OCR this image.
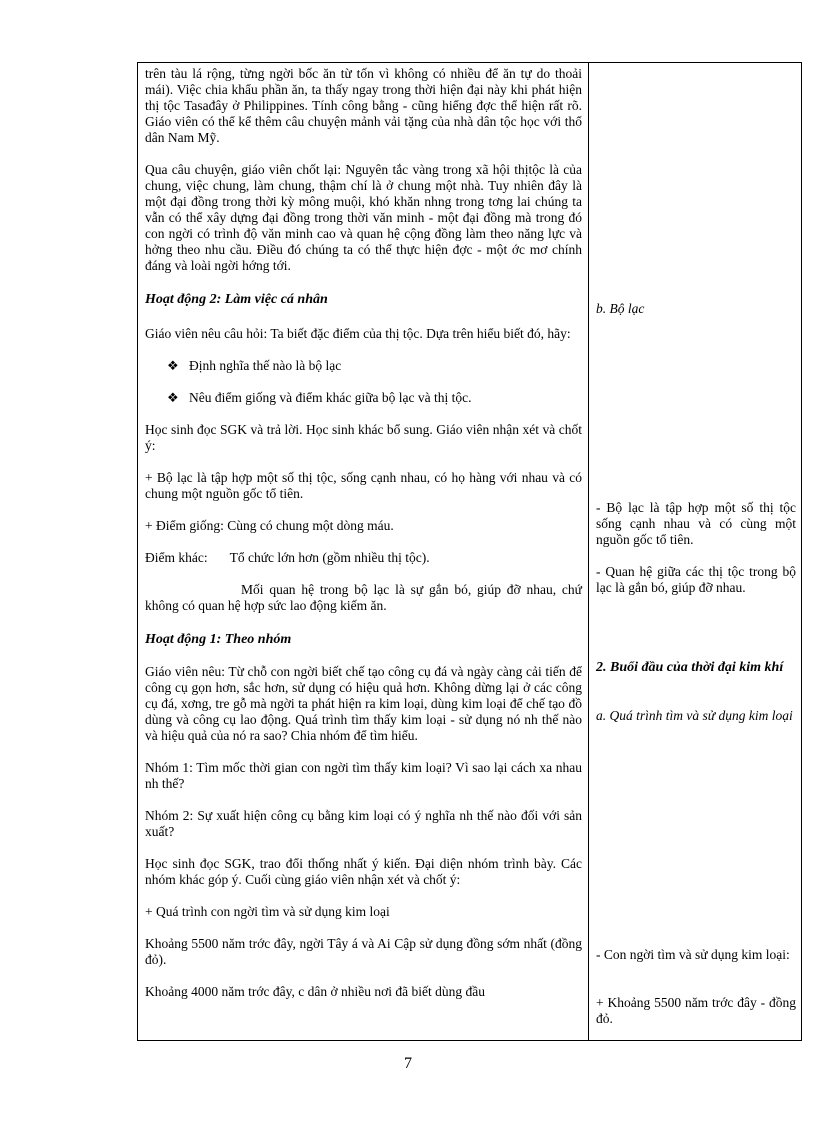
trên tàu lá rộng, từng ngời bốc ăn từ tốn vì không có nhiều để ăn tự do thoải mái). Việc chia khẩu phần ăn, ta thấy ngay trong thời hiện đại này khi phát hiện thị tộc Tasađây ở Philippines. Tính công bằng - cũng hiểng đợc thể hiện rất rõ. Giáo viên có thể kể thêm câu chuyện mảnh vải tặng của nhà dân tộc học với thổ dân Nam Mỹ.

Qua câu chuyện, giáo viên chốt lại: Nguyên tắc vàng trong xã hội thịtộc là của chung, việc chung, làm chung, thậm chí là ở chung một nhà. Tuy nhiên đây là một đại đồng trong thời kỳ mông muội, khó khăn nhng trong tơng lai chúng ta vẫn có thể xây dựng đại đồng trong thời văn minh - một đại đồng mà trong đó con ngời có trình độ văn minh cao và quan hệ cộng đồng làm theo năng lực và hởng theo nhu cầu. Điều đó chúng ta có thể thực hiện đợc - một ớc mơ chính đáng và loài ngời hớng tới.

Hoạt động 2: Làm việc cá nhân

Giáo viên nêu câu hỏi: Ta biết đặc điểm của thị tộc. Dựa trên hiểu biết đó, hãy:

❖ Định nghĩa thế nào là bộ lạc

❖ Nêu điểm giống và điểm khác giữa bộ lạc và thị tộc.

Học sinh đọc SGK và trả lời. Học sinh khác bổ sung. Giáo viên nhận xét và chốt ý:

+ Bộ lạc là tập hợp một số thị tộc, sống cạnh nhau, có họ hàng với nhau và có chung một nguồn gốc tổ tiên.

+ Điểm giống: Cùng có chung một dòng máu.

Điểm khác: Tổ chức lớn hơn (gồm nhiều thị tộc).

Mối quan hệ trong bộ lạc là sự gắn bó, giúp đỡ nhau, chứ không có quan hệ hợp sức lao động kiếm ăn.

Hoạt động 1: Theo nhóm

Giáo viên nêu: Từ chỗ con ngời biết chế tạo công cụ đá và ngày càng cải tiến để công cụ gọn hơn, sắc hơn, sử dụng có hiệu quả hơn. Không dừng lại ở các công cụ đá, xơng, tre gỗ mà ngời ta phát hiện ra kim loại, dùng kim loại để chế tạo đồ dùng và công cụ lao động. Quá trình tìm thấy kim loại - sử dụng nó nh thế nào và hiệu quả của nó ra sao? Chia nhóm để tìm hiểu.

Nhóm 1: Tìm mốc thời gian con ngời tìm thấy kim loại? Vì sao lại cách xa nhau nh thế?

Nhóm 2: Sự xuất hiện công cụ bằng kim loại có ý nghĩa nh thế nào đối với sản xuất?

Học sinh đọc SGK, trao đổi thống nhất ý kiến. Đại diện nhóm trình bày. Các nhóm khác góp ý. Cuối cùng giáo viên nhận xét và chốt ý:

+ Quá trình con ngời tìm và sử dụng kim loại

Khoảng 5500 năm trớc đây, ngời Tây á và Ai Cập sử dụng đồng sớm nhất (đồng đỏ).

Khoảng 4000 năm trớc đây, c dân ở nhiều nơi đã biết dùng đầu

b. Bộ lạc

- Bộ lạc là tập hợp một số thị tộc sống cạnh nhau và có cùng một nguồn gốc tổ tiên.

- Quan hệ giữa các thị tộc trong bộ lạc là gắn bó, giúp đỡ nhau.

2. Buổi đầu của thời đại kim khí

a. Quá trình tìm và sử dụng kim loại

- Con ngời tìm và sử dụng kim loại:

+ Khoảng 5500 năm trớc đây - đồng đỏ.

7
